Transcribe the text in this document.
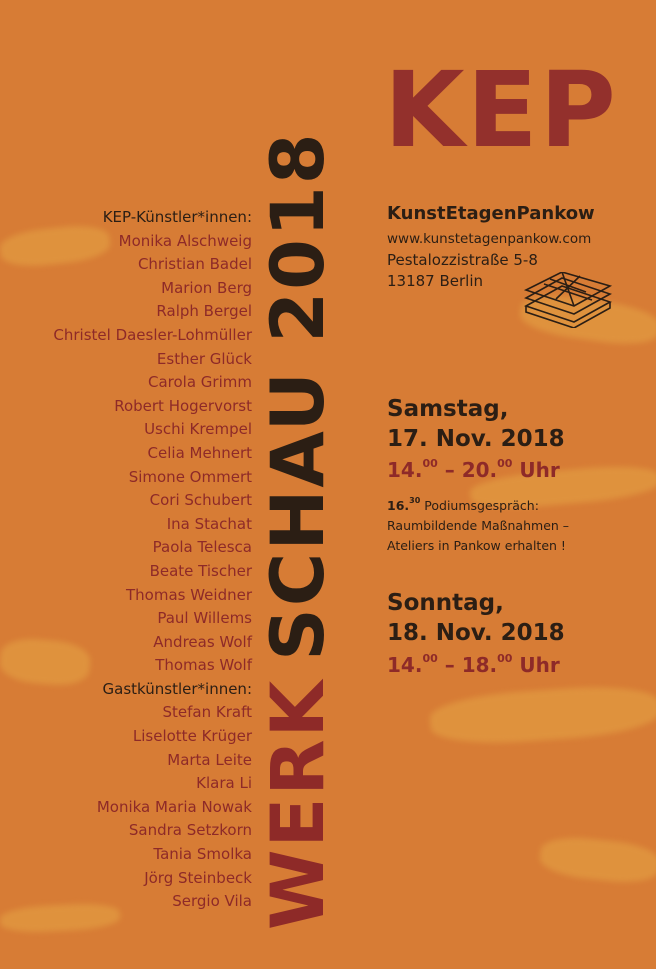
KEP
WERKSCHAU 2018
KEP-Künstler*innen:
Monika Alschweig
Christian Badel
Marion Berg
Ralph Bergel
Christel Daesler-Lohmüller
Esther Glück
Carola Grimm
Robert Hogervorst
Uschi Krempel
Celia Mehnert
Simone Ommert
Cori Schubert
Ina Stachat
Paola Telesca
Beate Tischer
Thomas Weidner
Paul Willems
Andreas Wolf
Thomas Wolf
Gastkünstler*innen:
Stefan Kraft
Liselotte Krüger
Marta Leite
Klara Li
Monika Maria Nowak
Sandra Setzkorn
Tania Smolka
Jörg Steinbeck
Sergio Vila
KunstEtagenPankow
www.kunstetagenpankow.com
Pestalozzistraße 5-8
13187 Berlin
Samstag,
17. Nov. 2018
14.00 – 20.00 Uhr
16.30 Podiumsgespräch:
Raumbildende Maßnahmen –
Ateliers in Pankow erhalten !
Sonntag,
18. Nov. 2018
14.00 – 18.00 Uhr
